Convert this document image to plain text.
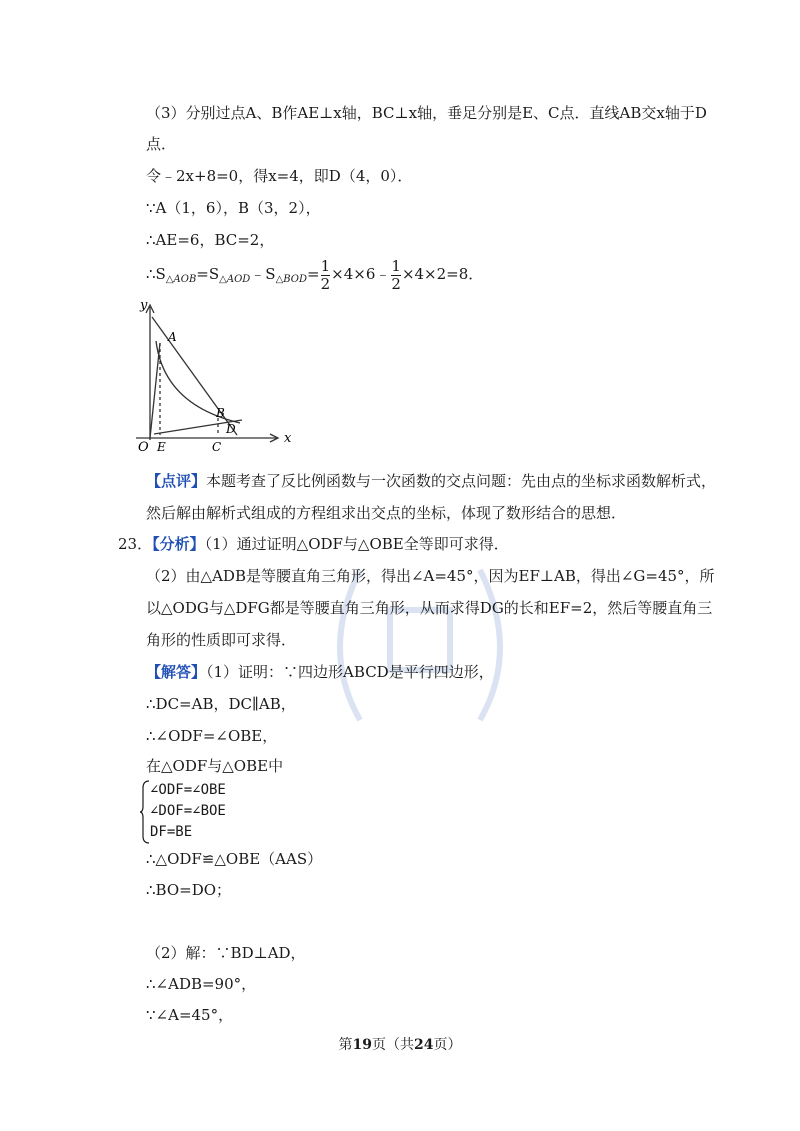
（3）分别过点A、B作AE⊥x轴，BC⊥x轴，垂足分别是E、C点．直线AB交x轴于D
点．
令﹣2x+8=0，得x=4，即D（4，0）．
∵A（1，6），B（3，2），
∴AE=6，BC=2，
$\therefore S_{\triangle AOB}=S_{\triangle AOD}﹣S_{\triangle BOD}= \frac{1}{2}$ ×4×6﹣ $\frac{1}{2} \times 4\times 2=8$．
y
x
A
B
O E	C
D
【点评】本题考查了反比例函数与一次函数的交点问题：先由点的坐标求函数解析式，
然后解由解析式组成的方程组求出交点的坐标，体现了数形结合的思想．
23．【分析】（1）通过证明△ODF与△OBE全等即可求得．
（2）由△ADB是等腰直角三角形，得出∠A=45°，因为EF⊥AB，得出∠G=45°，所
以△ODG与△DFG都是等腰直角三角形，从而求得DG的长和EF=2，然后等腰直角三
角形的性质即可求得．
【解答】（1）证明：∵四边形ABCD是平行四边形，
∴DC=AB，DC∥AB，
∴∠ODF=∠OBE，
在△ODF与△OBE中
∠ODF=∠OBE
∠DOF=∠BOE
DF=BE
∴△ODF≌△OBE（AAS）
∴BO=DO；
（2）解：∵BD⊥AD，
∴∠ADB=90°，
∵∠A=45°，
第19页（共24页）
